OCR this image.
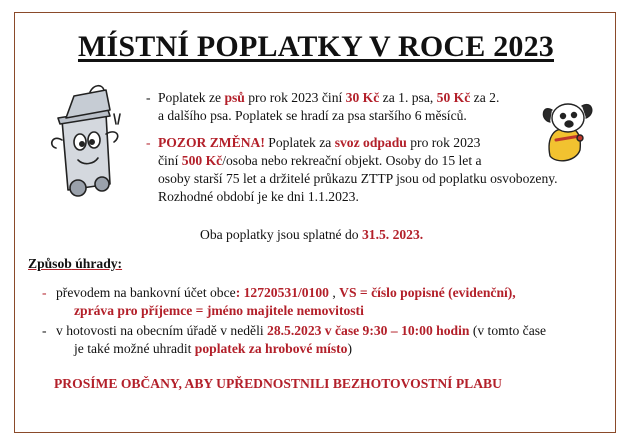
MÍSTNÍ POPLATKY V ROCE 2023
- Poplatek ze psů pro rok 2023 činí 30 Kč za 1. psa, 50 Kč za 2.
a dalšího psa. Poplatek se hradí za psa staršího 6 měsíců.
- POZOR ZMĚNA! Poplatek za svoz odpadu pro rok 2023
činí 500 Kč/osoba nebo rekreační objekt. Osoby do 15 let a
osoby starší 75 let a držitelé průkazu ZTTP jsou od poplatku osvobozeny.
Rozhodné období je ke dni 1.1.2023.
Oba poplatky jsou splatné do 31.5. 2023.
Způsob úhrady:
- převodem na bankovní účet obce: 12720531/0100 , VS = číslo popisné (evidenční),
zpráva pro příjemce = jméno majitele nemovitosti
- v hotovosti na obecním úřadě v neděli 28.5.2023 v čase 9:30 – 10:00 hodin (v tomto čase
je také možné uhradit poplatek za hrobové místo)
PROSÍME OBČANY, ABY UPŘEDNOSTNILI BEZHOTOVOSTNÍ PLABU
